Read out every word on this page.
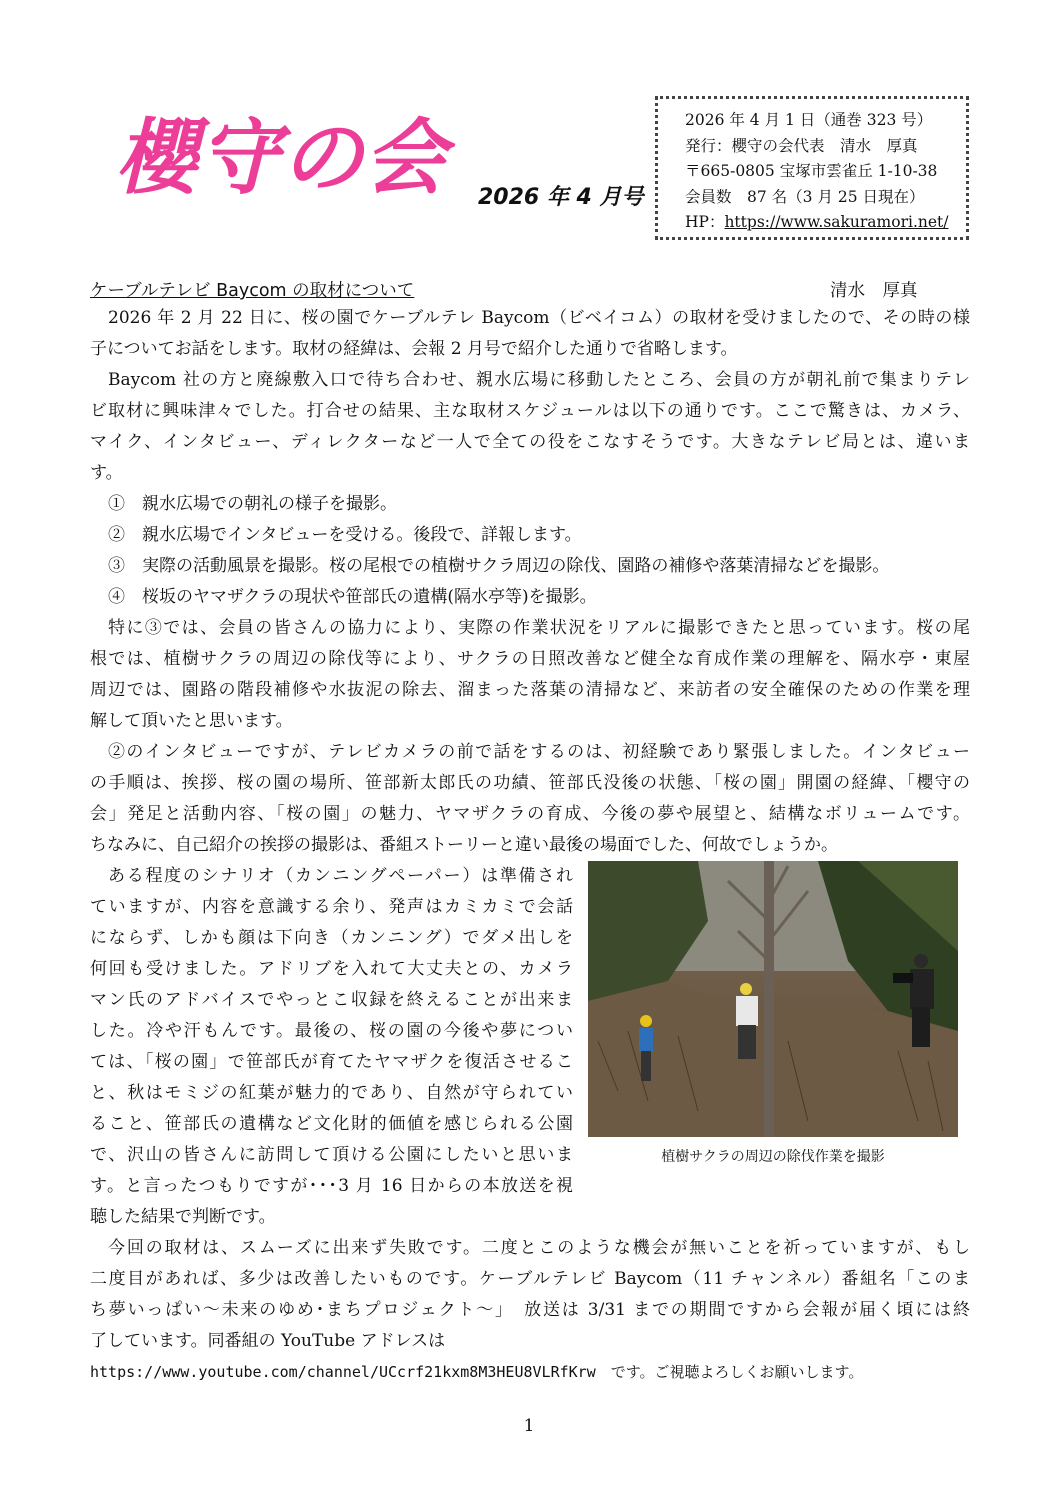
櫻守の会 2026 年 4 月号
2026 年 4 月 1 日（通巻 323 号）
発行：櫻守の会代表　清水　厚真
〒665-0805 宝塚市雲雀丘 1-10-38
会員数　87 名（3 月 25 日現在）
HP：https://www.sakuramori.net/
ケーブルテレビ Baycom の取材について	清水　厚真
2026 年 2 月 22 日に、桜の園でケーブルテレ Baycom（ビベイコム）の取材を受けましたので、その時の様
子についてお話をします。取材の経緯は、会報 2 月号で紹介した通りで省略します。
Baycom 社の方と廃線敷入口で待ち合わせ、親水広場に移動したところ、会員の方が朝礼前で集まりテレ
ビ取材に興味津々でした。打合せの結果、主な取材スケジュールは以下の通りです。ここで驚きは、カメラ、
マイク、インタビュー、ディレクターなど一人で全ての役をこなすそうです。大きなテレビ局とは、違いま
す。
①　親水広場での朝礼の様子を撮影。
②　親水広場でインタビューを受ける。後段で、詳報します。
③　実際の活動風景を撮影。桜の尾根での植樹サクラ周辺の除伐、園路の補修や落葉清掃などを撮影。
④　桜坂のヤマザクラの現状や笹部氏の遺構(隔水亭等)を撮影。
特に③では、会員の皆さんの協力により、実際の作業状況をリアルに撮影できたと思っています。桜の尾
根では、植樹サクラの周辺の除伐等により、サクラの日照改善など健全な育成作業の理解を、隔水亭・東屋
周辺では、園路の階段補修や水抜泥の除去、溜まった落葉の清掃など、来訪者の安全確保のための作業を理
解して頂いたと思います。
②のインタビューですが、テレビカメラの前で話をするのは、初経験であり緊張しました。インタビュー
の手順は、挨拶、桜の園の場所、笹部新太郎氏の功績、笹部氏没後の状態、「桜の園」開園の経緯、「櫻守の
会」発足と活動内容、「桜の園」の魅力、ヤマザクラの育成、今後の夢や展望と、結構なボリュームです。
ちなみに、自己紹介の挨拶の撮影は、番組ストーリーと違い最後の場面でした、何故でしょうか。
ある程度のシナリオ（カンニングペーパー）は準備され
ていますが、内容を意識する余り、発声はカミカミで会話
にならず、しかも顔は下向き（カンニング）でダメ出しを
何回も受けました。アドリブを入れて大丈夫との、カメラ
マン氏のアドバイスでやっとこ収録を終えることが出来ま
した。冷や汗もんです。最後の、桜の園の今後や夢につい
ては、「桜の園」で笹部氏が育てたヤマザクを復活させるこ
と、秋はモミジの紅葉が魅力的であり、自然が守られてい
ること、笹部氏の遺構など文化財的価値を感じられる公園
で、沢山の皆さんに訪問して頂ける公園にしたいと思いま
す。と言ったつもりですが･･･3 月 16 日からの本放送を視
聴した結果で判断です。
今回の取材は、スムーズに出来ず失敗です。二度とこのような機会が無いことを祈っていますが、もし
二度目があれば、多少は改善したいものです。ケーブルテレビ Baycom（11 チャンネル）番組名「このま
ち夢いっぱい〜未来のゆめ･まちプロジェクト〜」　放送は 3/31 までの期間ですから会報が届く頃には終
了しています。同番組の YouTube アドレスは
https://www.youtube.com/channel/UCcrf21kxm8M3HEU8VLRfKrw　です。ご視聴よろしくお願いします。
植樹サクラの周辺の除伐作業を撮影
1
